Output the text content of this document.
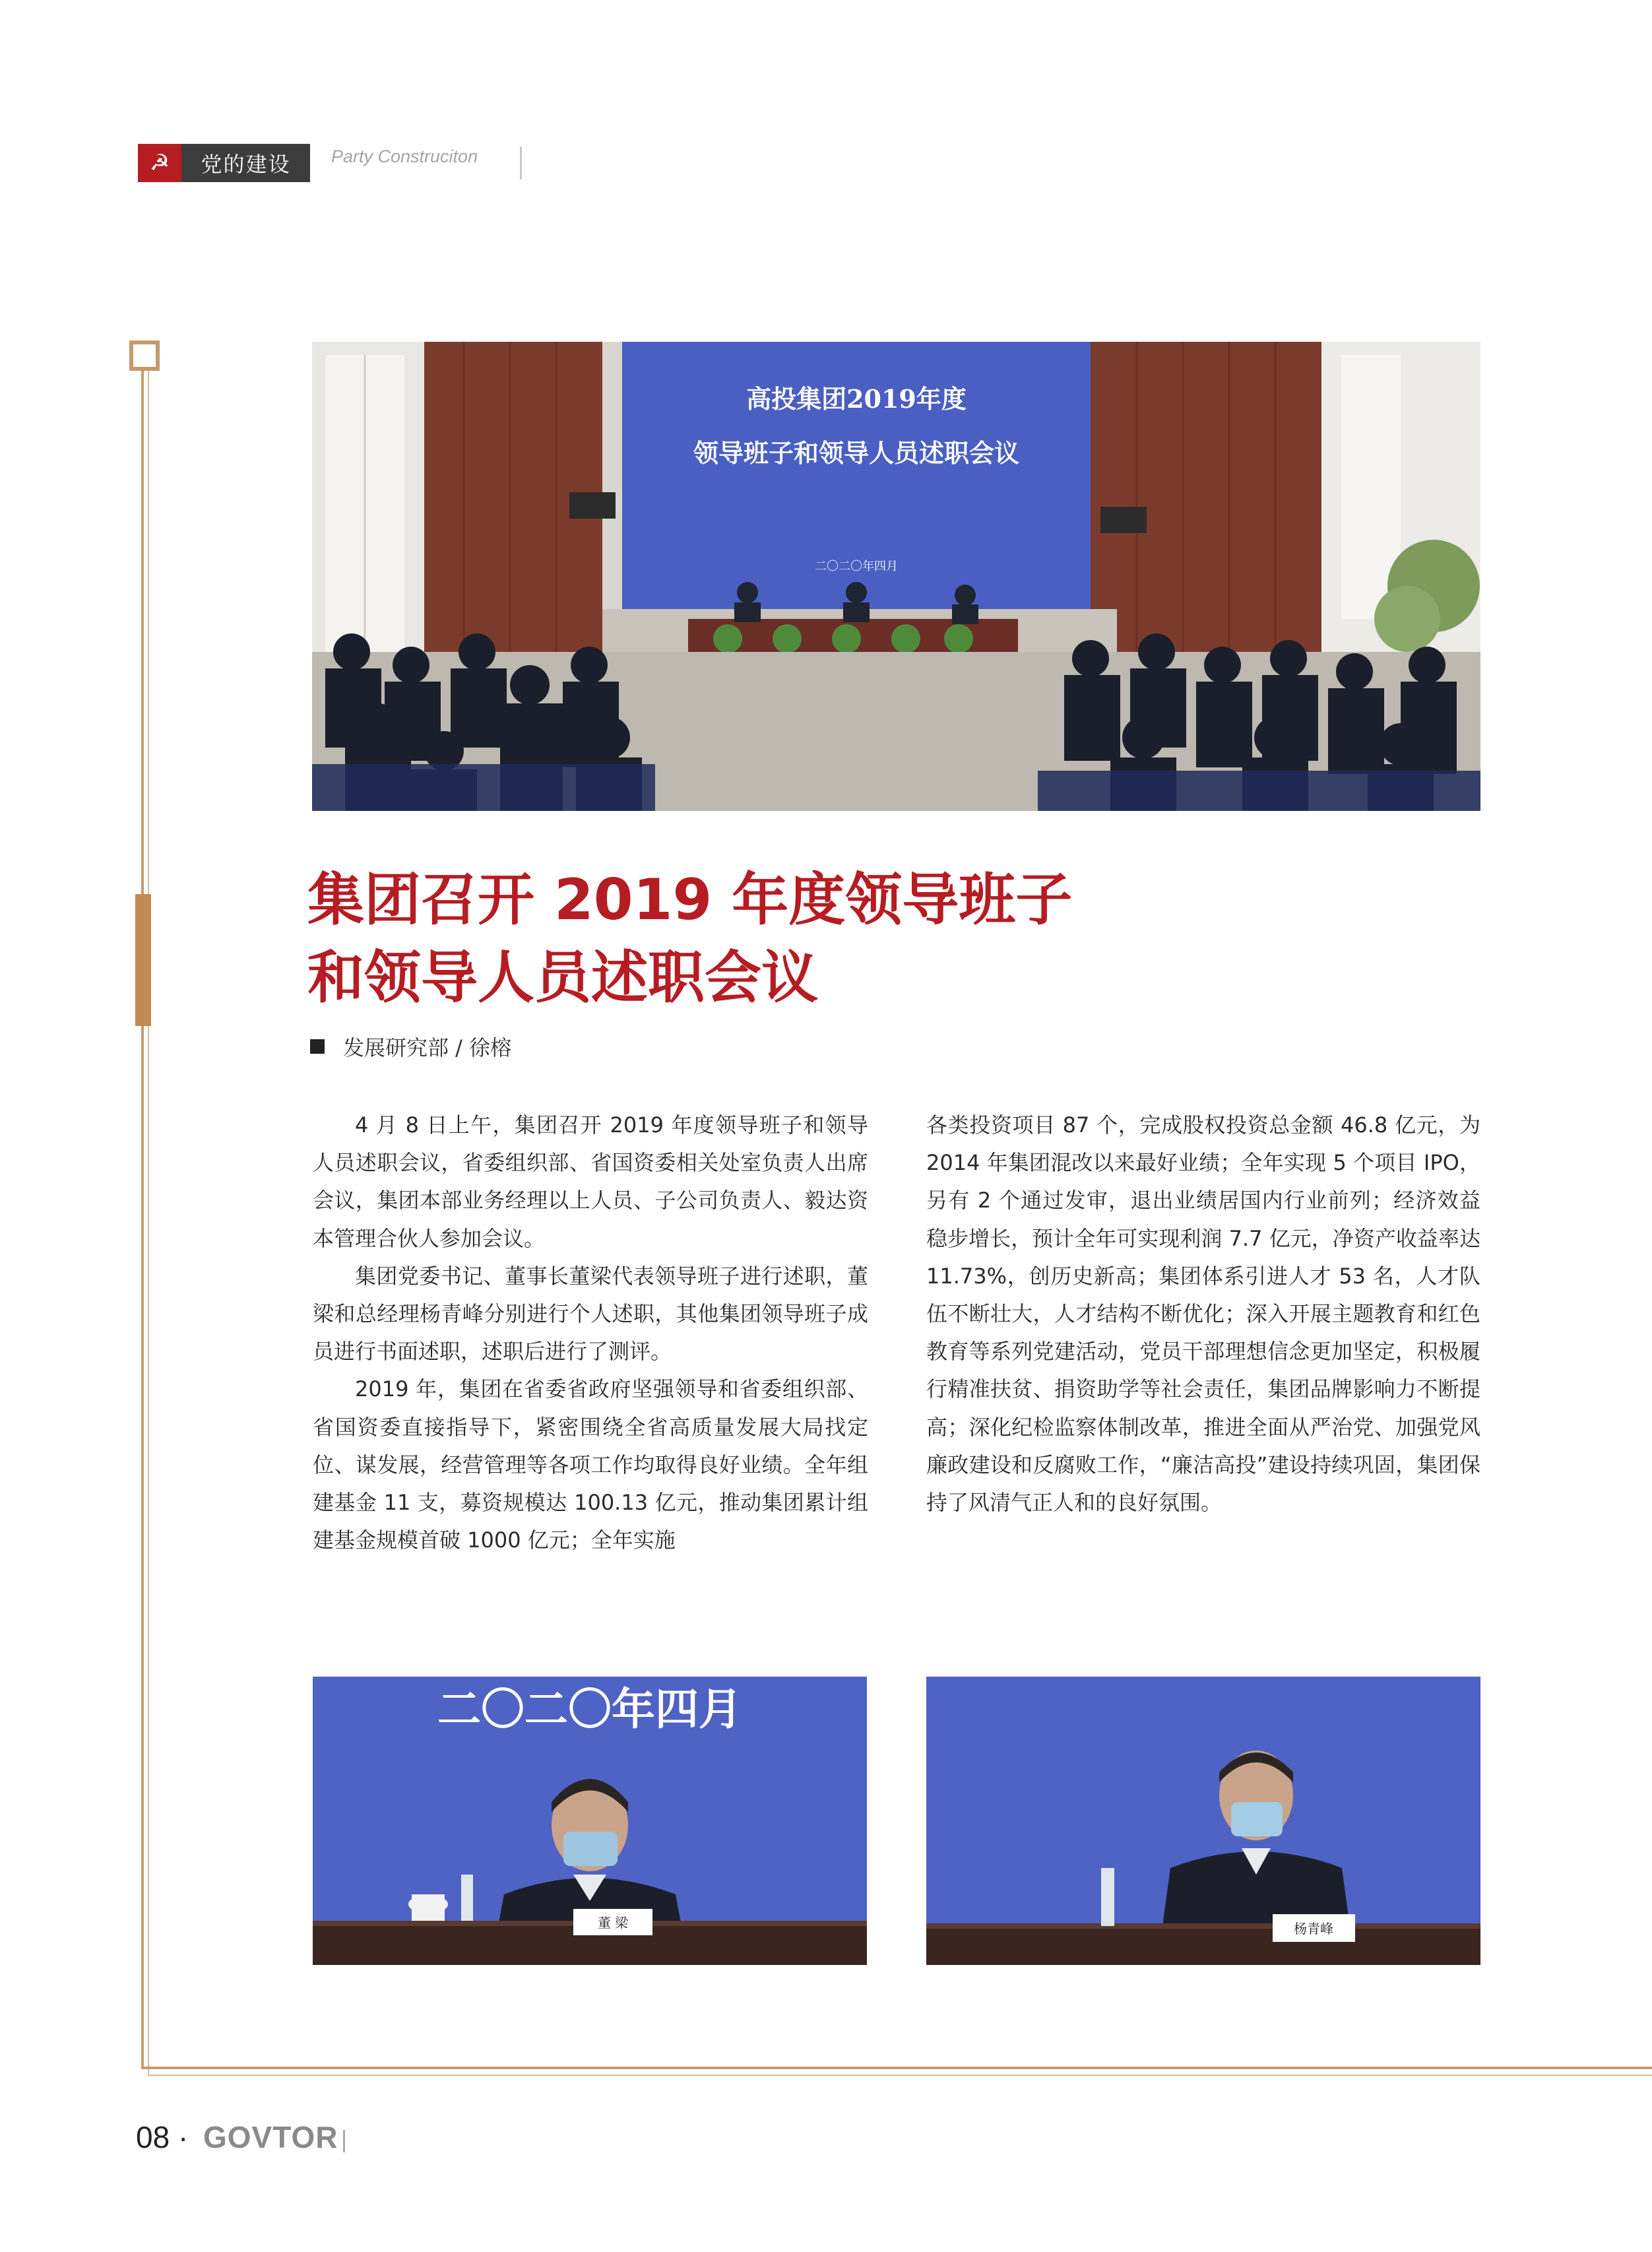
☭	党的建设	Party Construciton
高投集团2019年度
领导班子和领导人员述职会议
二〇二〇年四月
集团召开 2019 年度领导班子
和领导人员述职会议
发展研究部 / 徐榕

4 月 8 日上午，集团召开 2019 年度领导班子和领导人员述职会议，省委组织部、省国资委相关处室负责人出席会议，集团本部业务经理以上人员、子公司负责人、毅达资本管理合伙人参加会议。

集团党委书记、董事长董梁代表领导班子进行述职，董梁和总经理杨青峰分别进行个人述职，其他集团领导班子成员进行书面述职，述职后进行了测评。

2019 年，集团在省委省政府坚强领导和省委组织部、省国资委直接指导下，紧密围绕全省高质量发展大局找定位、谋发展，经营管理等各项工作均取得良好业绩。全年组建基金 11 支，募资规模达 100.13 亿元，推动集团累计组建基金规模首破 1000 亿元；全年实施

各类投资项目 87 个，完成股权投资总金额 46.8 亿元，为 2014 年集团混改以来最好业绩；全年实现 5 个项目 IPO，另有 2 个通过发审，退出业绩居国内行业前列；经济效益稳步增长，预计全年可实现利润 7.7 亿元，净资产收益率达 11.73%，创历史新高；集团体系引进人才 53 名，人才队伍不断壮大，人才结构不断优化；深入开展主题教育和红色教育等系列党建活动，党员干部理想信念更加坚定，积极履行精准扶贫、捐资助学等社会责任，集团品牌影响力不断提高；深化纪检监察体制改革，推进全面从严治党、加强党风廉政建设和反腐败工作，“廉洁高投”建设持续巩固，集团保持了风清气正人和的良好氛围。

二〇二〇年四月
董 梁	杨青峰
08 · GOVTOR
